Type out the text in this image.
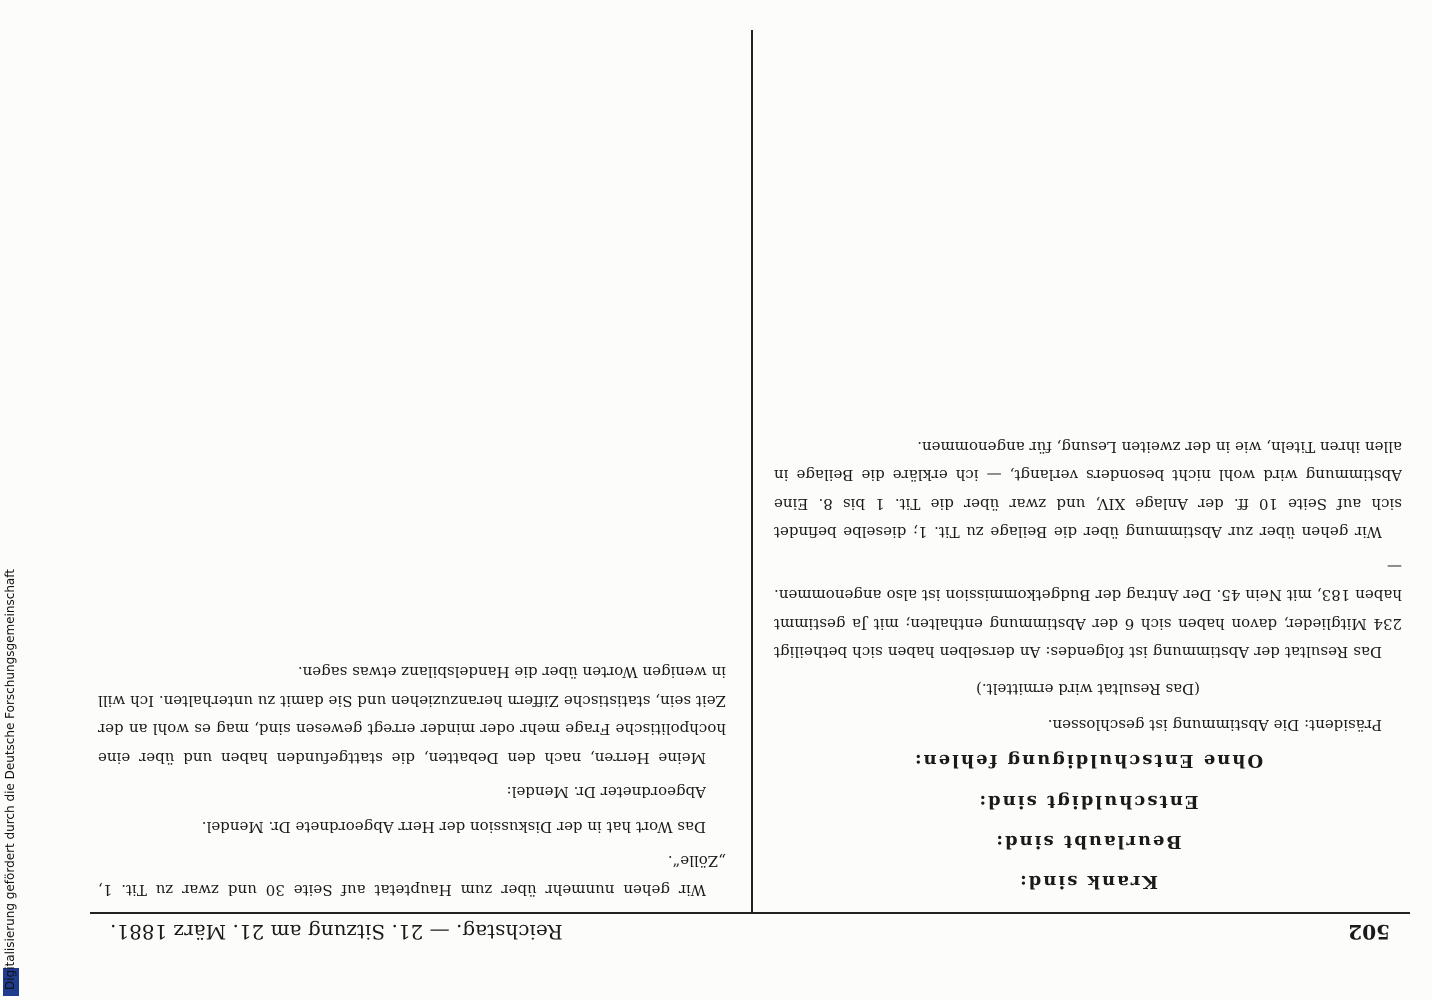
Digitalisierung gefördert durch die Deutsche Forschungsgemeinschaft	502
Reichstag. — 21. Sitzung am 21. März 1881.
Krank sind:
Beurlaubt sind:
Entschuldigt sind:
Ohne Entschuldigung fehlen:

Präsident: Die Abstimmung ist geschlossen.

(Das Resultat wird ermittelt.)

Das Resultat der Abstimmung ist folgendes: An derselben haben sich betheiligt 234 Mitglieder, davon haben sich 6 der Abstimmung enthalten; mit Ja gestimmt haben 183, mit Nein 45. Der Antrag der Budgetkommission ist also angenommen. —

Wir gehen über zur Abstimmung über die Beilage zu Tit. 1; dieselbe befindet sich auf Seite 10 ff. der Anlage XIV, und zwar über die Tit. 1 bis 8. Eine Abstimmung wird wohl nicht besonders verlangt, — ich erkläre die Beilage in allen ihren Titeln, wie in der zweiten Lesung, für angenommen.

Wir gehen nunmehr über zum Hauptetat auf Seite 30 und zwar zu Tit. 1, „Zölle“.

Das Wort hat in der Diskussion der Herr Abgeordnete Dr. Mendel.

Abgeordneter Dr. Mendel:

Meine Herren, nach den Debatten, die stattgefunden haben und über eine hochpolitische Frage mehr oder minder erregt gewesen sind, mag es wohl an der Zeit sein, statistische Ziffern heranzuziehen und Sie damit zu unterhalten. Ich will in wenigen Worten über die Handelsbilanz etwas sagen.
